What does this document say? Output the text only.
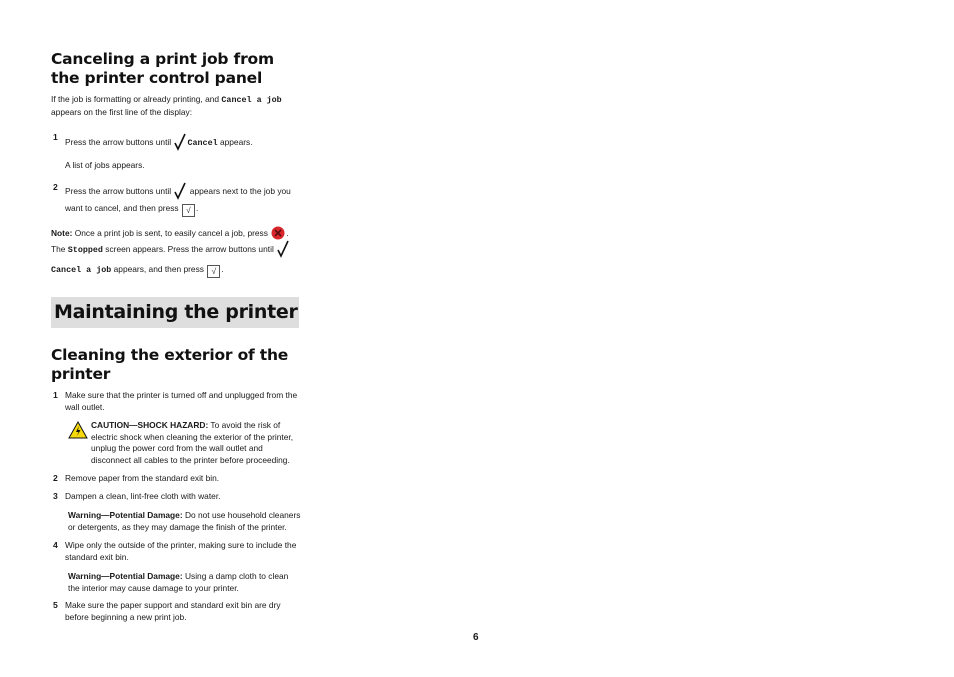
Canceling a print job from the printer control panel

If the job is formatting or already printing, and Cancel a job
appears on the first line of the display:

1 Press the arrow buttons until Cancel appears.

A list of jobs appears.

2 Press the arrow buttons until  appears next to the job you want to cancel, and then press √ .

Note: Once a print job is sent, to easily cancel a job, press . The Stopped screen appears. Press the arrow buttons until Cancel a job appears, and then press √ .

Maintaining the printer
Cleaning the exterior of the printer
1 Make sure that the printer is turned off and unplugged from the wall outlet.

CAUTION—SHOCK HAZARD: To avoid the risk of electric shock when cleaning the exterior of the printer, unplug the power cord from the wall outlet and disconnect all cables to the printer before proceeding.

2 Remove paper from the standard exit bin.

3 Dampen a clean, lint-free cloth with water.

Warning—Potential Damage: Do not use household cleaners or detergents, as they may damage the finish of the printer.

4 Wipe only the outside of the printer, making sure to include the standard exit bin.

Warning—Potential Damage: Using a damp cloth to clean the interior may cause damage to your printer.

5 Make sure the paper support and standard exit bin are dry before beginning a new print job.

6
